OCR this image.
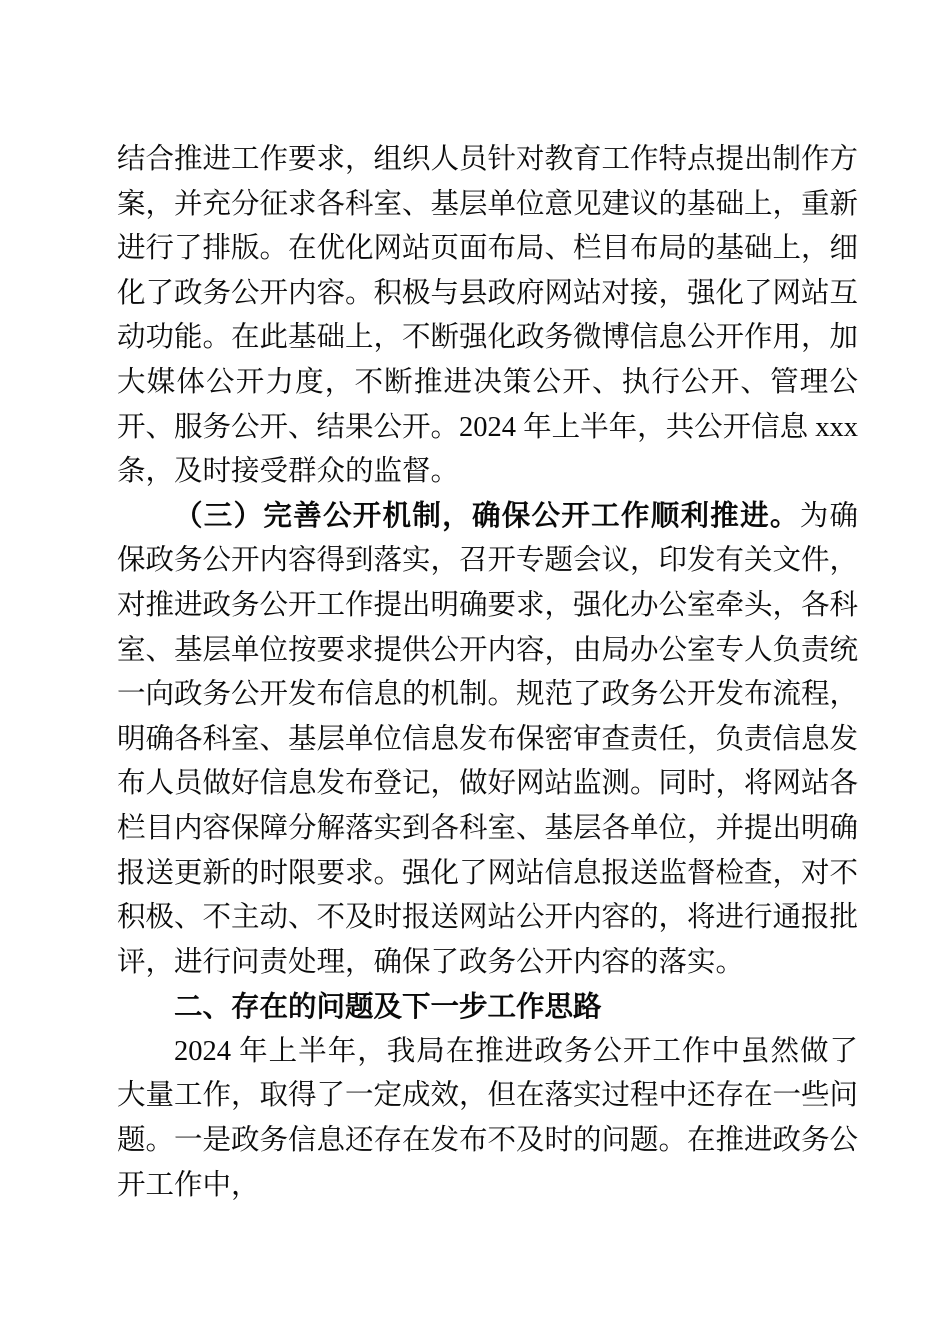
结合推进工作要求，组织人员针对教育工作特点提出制作方案，并充分征求各科室、基层单位意见建议的基础上，重新进行了排版。在优化网站页面布局、栏目布局的基础上，细化了政务公开内容。积极与县政府网站对接，强化了网站互动功能。在此基础上，不断强化政务微博信息公开作用，加大媒体公开力度，不断推进决策公开、执行公开、管理公开、服务公开、结果公开。2024 年上半年，共公开信息 xxx 条，及时接受群众的监督。

（三）完善公开机制，确保公开工作顺利推进。为确保政务公开内容得到落实，召开专题会议，印发有关文件，对推进政务公开工作提出明确要求，强化办公室牵头，各科室、基层单位按要求提供公开内容，由局办公室专人负责统一向政务公开发布信息的机制。规范了政务公开发布流程，明确各科室、基层单位信息发布保密审查责任，负责信息发布人员做好信息发布登记，做好网站监测。同时，将网站各栏目内容保障分解落实到各科室、基层各单位，并提出明确报送更新的时限要求。强化了网站信息报送监督检查，对不积极、不主动、不及时报送网站公开内容的，将进行通报批评，进行问责处理，确保了政务公开内容的落实。

二、存在的问题及下一步工作思路

2024 年上半年，我局在推进政务公开工作中虽然做了大量工作，取得了一定成效，但在落实过程中还存在一些问题。一是政务信息还存在发布不及时的问题。在推进政务公开工作中，
